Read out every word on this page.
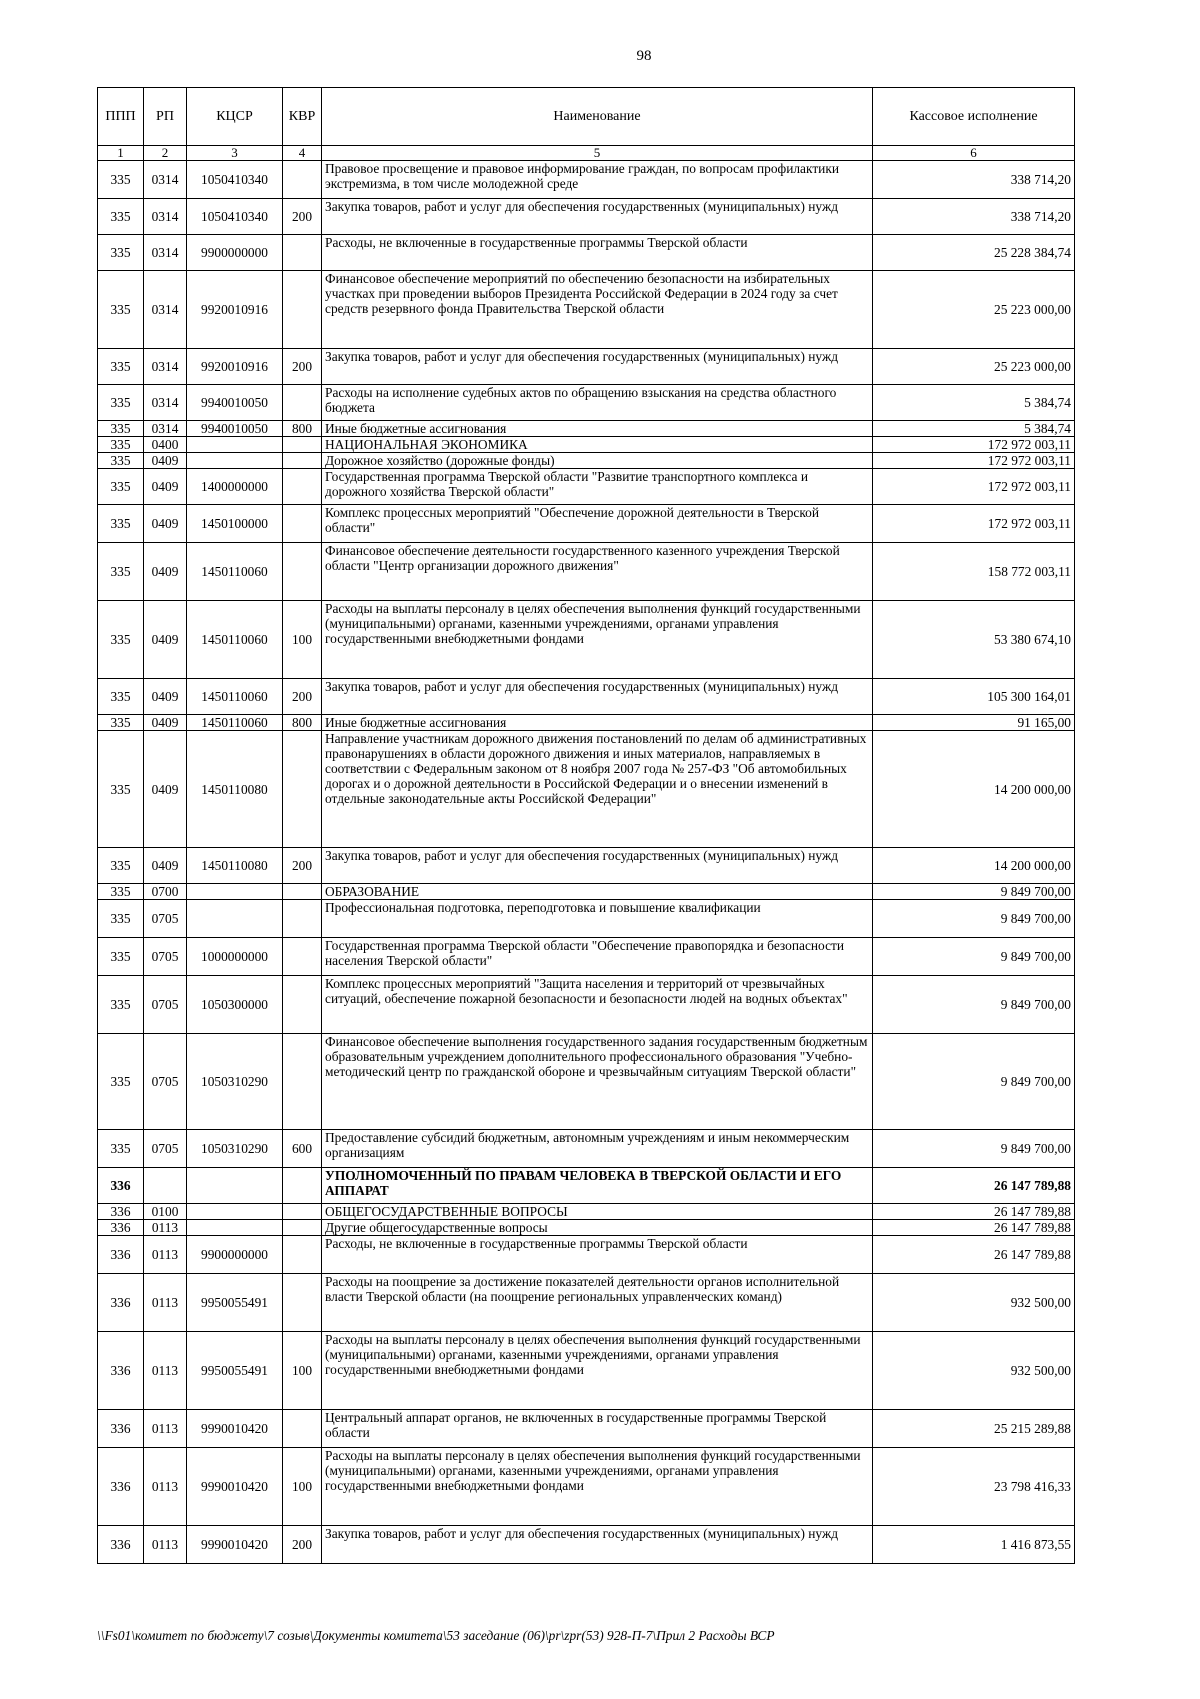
98
ППП	РП	КЦСР	КВР	Наименование	Кассовое исполнение
1	2	3	4	5	6
335	0314	1050410340		Правовое просвещение и правовое информирование граждан, по вопросам профилактики экстремизма, в том числе молодежной среде	338 714,20
335	0314	1050410340	200	Закупка товаров, работ и услуг для обеспечения государственных (муниципальных) нужд	338 714,20
335	0314	9900000000		Расходы, не включенные в государственные программы Тверской области	25 228 384,74
335	0314	9920010916		Финансовое обеспечение мероприятий по обеспечению безопасности на избирательных участках при проведении выборов Президента Российской Федерации в 2024 году за счет средств резервного фонда Правительства Тверской области	25 223 000,00
335	0314	9920010916	200	Закупка товаров, работ и услуг для обеспечения государственных (муниципальных) нужд	25 223 000,00
335	0314	9940010050		Расходы на исполнение судебных актов по обращению взыскания на средства областного бюджета	5 384,74
335	0314	9940010050	800	Иные бюджетные ассигнования	5 384,74
335	0400			НАЦИОНАЛЬНАЯ ЭКОНОМИКА	172 972 003,11
335	0409			Дорожное хозяйство (дорожные фонды)	172 972 003,11
335	0409	1400000000		Государственная программа Тверской области "Развитие транспортного комплекса и дорожного хозяйства Тверской области"	172 972 003,11
335	0409	1450100000		Комплекс процессных мероприятий "Обеспечение дорожной деятельности в Тверской области"	172 972 003,11
335	0409	1450110060		Финансовое обеспечение деятельности государственного казенного учреждения Тверской области "Центр организации дорожного движения"	158 772 003,11
335	0409	1450110060	100	Расходы на выплаты персоналу в целях обеспечения выполнения функций государственными (муниципальными) органами, казенными учреждениями, органами управления государственными внебюджетными фондами	53 380 674,10
335	0409	1450110060	200	Закупка товаров, работ и услуг для обеспечения государственных (муниципальных) нужд	105 300 164,01
335	0409	1450110060	800	Иные бюджетные ассигнования	91 165,00
335	0409	1450110080		Направление участникам дорожного движения постановлений по делам об административных правонарушениях в области дорожного движения и иных материалов, направляемых в соответствии с Федеральным законом от 8 ноября 2007 года № 257-ФЗ "Об автомобильных дорогах и о дорожной деятельности в Российской Федерации и о внесении изменений в отдельные законодательные акты Российской Федерации"	14 200 000,00
335	0409	1450110080	200	Закупка товаров, работ и услуг для обеспечения государственных (муниципальных) нужд	14 200 000,00
335	0700			ОБРАЗОВАНИЕ	9 849 700,00
335	0705			Профессиональная подготовка, переподготовка и повышение квалификации	9 849 700,00
335	0705	1000000000		Государственная программа Тверской области "Обеспечение правопорядка и безопасности населения Тверской области"	9 849 700,00
335	0705	1050300000		Комплекс процессных мероприятий "Защита населения и территорий от чрезвычайных ситуаций, обеспечение пожарной безопасности и безопасности людей на водных объектах"	9 849 700,00
335	0705	1050310290		Финансовое обеспечение выполнения государственного задания государственным бюджетным образовательным учреждением дополнительного профессионального образования "Учебно-методический центр по гражданской обороне и чрезвычайным ситуациям Тверской области"	9 849 700,00
335	0705	1050310290	600	Предоставление субсидий бюджетным, автономным учреждениям и иным некоммерческим организациям	9 849 700,00
336				УПОЛНОМОЧЕННЫЙ ПО ПРАВАМ ЧЕЛОВЕКА В ТВЕРСКОЙ ОБЛАСТИ И ЕГО АППАРАТ	26 147 789,88
336	0100			ОБЩЕГОСУДАРСТВЕННЫЕ ВОПРОСЫ	26 147 789,88
336	0113			Другие общегосударственные вопросы	26 147 789,88
336	0113	9900000000		Расходы, не включенные в государственные программы Тверской области	26 147 789,88
336	0113	9950055491		Расходы на поощрение за достижение показателей деятельности органов исполнительной власти Тверской области (на поощрение региональных управленческих команд)	932 500,00
336	0113	9950055491	100	Расходы на выплаты персоналу в целях обеспечения выполнения функций государственными (муниципальными) органами, казенными учреждениями, органами управления государственными внебюджетными фондами	932 500,00
336	0113	9990010420		Центральный аппарат органов, не включенных в государственные программы Тверской области	25 215 289,88
336	0113	9990010420	100	Расходы на выплаты персоналу в целях обеспечения выполнения функций государственными (муниципальными) органами, казенными учреждениями, органами управления государственными внебюджетными фондами	23 798 416,33
336	0113	9990010420	200	Закупка товаров, работ и услуг для обеспечения государственных (муниципальных) нужд	1 416 873,55
\\Fs01\комитет по бюджету\7 созыв\Документы комитета\53 заседание (06)\pr\zpr(53) 928-П-7\Прил 2 Расходы ВСР
